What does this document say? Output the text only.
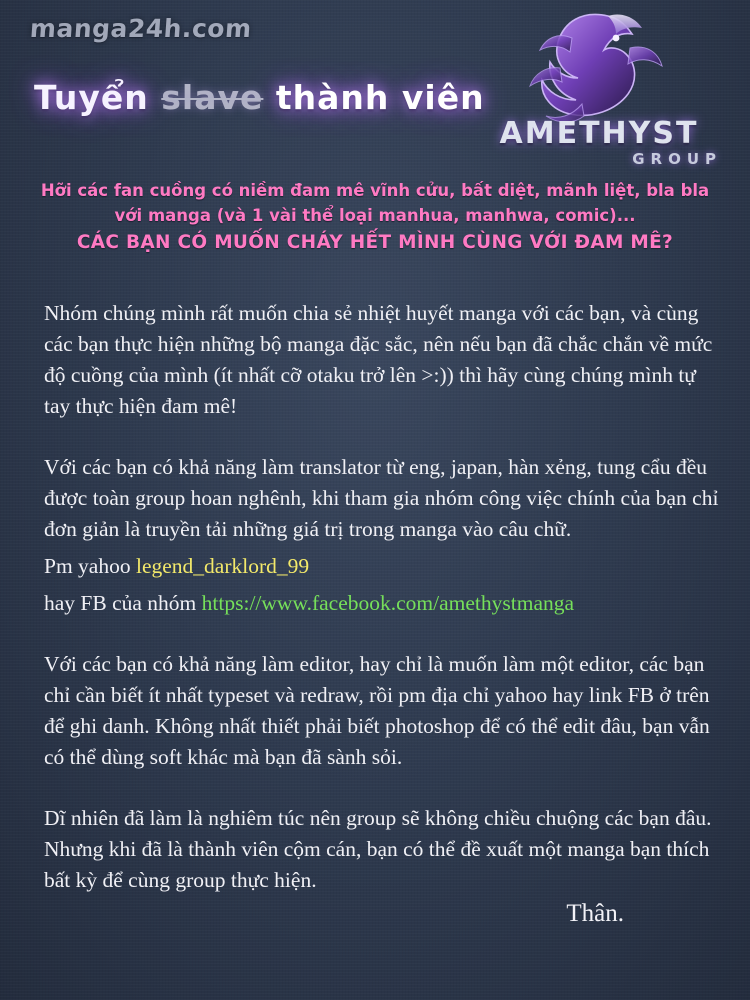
manga24h.com
AMETHYST
GROUP
Tuyển slave thành viên
Hỡi các fan cuồng có niềm đam mê vĩnh cửu, bất diệt, mãnh liệt, bla bla
với manga (và 1 vài thể loại manhua, manhwa, comic)...
CÁC BẠN CÓ MUỐN CHÁY HẾT MÌNH CÙNG VỚI ĐAM MÊ?

Nhóm chúng mình rất muốn chia sẻ nhiệt huyết manga với các bạn, và cùng các bạn thực hiện những bộ manga đặc sắc, nên nếu bạn đã chắc chắn về mức độ cuồng của mình (ít nhất cỡ otaku trở lên >:)) thì hãy cùng chúng mình tự tay thực hiện đam mê!

Với các bạn có khả năng làm translator từ eng, japan, hàn xẻng, tung cẩu đều được toàn group hoan nghênh, khi tham gia nhóm công việc chính của bạn chỉ đơn giản là truyền tải những giá trị trong manga vào câu chữ.

Pm yahoo legend_darklord_99

hay FB của nhóm https://www.facebook.com/amethystmanga

Với các bạn có khả năng làm editor, hay chỉ là muốn làm một editor, các bạn chỉ cần biết ít nhất typeset và redraw, rồi pm địa chỉ yahoo hay link FB ở trên để ghi danh. Không nhất thiết phải biết photoshop để có thể edit đâu, bạn vẫn có thể dùng soft khác mà bạn đã sành sỏi.

Dĩ nhiên đã làm là nghiêm túc nên group sẽ không chiều chuộng các bạn đâu. Nhưng khi đã là thành viên cộm cán, bạn có thể đề xuất một manga bạn thích bất kỳ để cùng group thực hiện.

Thân.
